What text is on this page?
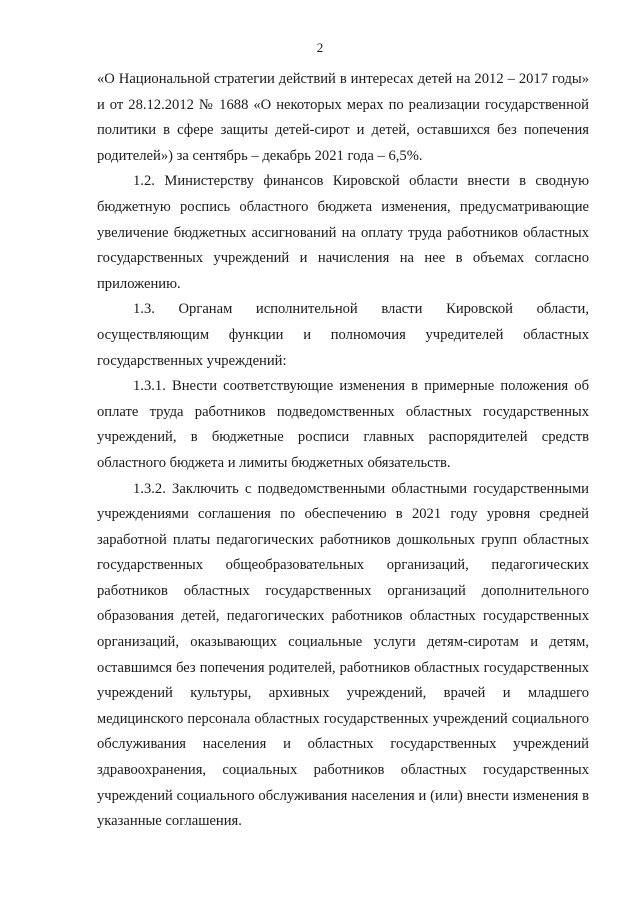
2
«О Национальной стратегии действий в интересах детей на 2012 – 2017 годы»
и от 28.12.2012 № 1688 «О некоторых мерах по реализации государственной
политики в сфере защиты детей-сирот и детей, оставшихся без попечения
родителей») за сентябрь – декабрь 2021 года – 6,5%.
1.2. Министерству финансов Кировской области внести в сводную
бюджетную роспись областного бюджета изменения, предусматривающие
увеличение бюджетных ассигнований на оплату труда работников областных
государственных учреждений и начисления на нее в объемах согласно
приложению.
1.3. Органам исполнительной власти Кировской области,
осуществляющим функции и полномочия учредителей областных
государственных учреждений:
1.3.1. Внести соответствующие изменения в примерные положения об
оплате труда работников подведомственных областных государственных
учреждений, в бюджетные росписи главных распорядителей средств
областного бюджета и лимиты бюджетных обязательств.
1.3.2. Заключить с подведомственными областными государственными
учреждениями соглашения по обеспечению в 2021 году уровня средней
заработной платы педагогических работников дошкольных групп областных
государственных общеобразовательных организаций, педагогических
работников областных государственных организаций дополнительного
образования детей, педагогических работников областных государственных
организаций, оказывающих социальные услуги детям-сиротам и детям,
оставшимся без попечения родителей, работников областных государственных
учреждений культуры, архивных учреждений, врачей и младшего
медицинского персонала областных государственных учреждений социального
обслуживания населения и областных государственных учреждений
здравоохранения, социальных работников областных государственных
учреждений социального обслуживания населения и (или) внести изменения в
указанные соглашения.
